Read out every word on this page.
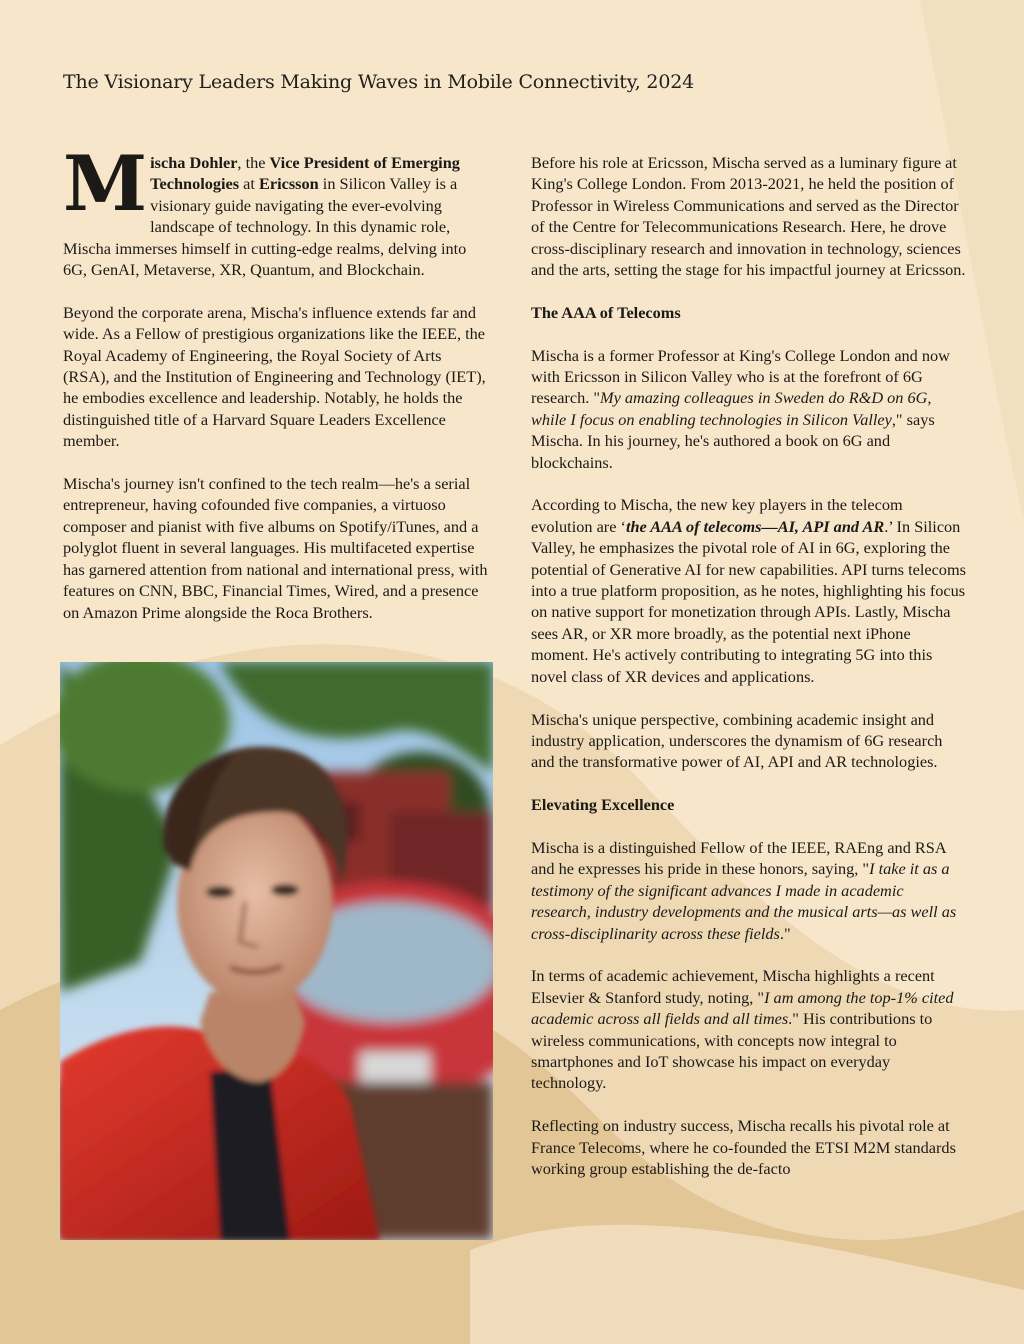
The Visionary Leaders Making Waves in Mobile Connectivity, 2024

Mischa Dohler, the Vice President of Emerging Technologies at Ericsson in Silicon Valley is a visionary guide navigating the ever-evolving landscape of technology. In this dynamic role, Mischa immerses himself in cutting-edge realms, delving into 6G, GenAI, Metaverse, XR, Quantum, and Blockchain.

Beyond the corporate arena, Mischa's influence extends far and wide. As a Fellow of prestigious organizations like the IEEE, the Royal Academy of Engineering, the Royal Society of Arts (RSA), and the Institution of Engineering and Technology (IET), he embodies excellence and leadership. Notably, he holds the distinguished title of a Harvard Square Leaders Excellence member.

Mischa's journey isn't confined to the tech realm—he's a serial entrepreneur, having cofounded five companies, a virtuoso composer and pianist with five albums on Spotify/iTunes, and a polyglot fluent in several languages. His multifaceted expertise has garnered attention from national and international press, with features on CNN, BBC, Financial Times, Wired, and a presence on Amazon Prime alongside the Roca Brothers.

Before his role at Ericsson, Mischa served as a luminary figure at King's College London. From 2013-2021, he held the position of Professor in Wireless Communications and served as the Director of the Centre for Telecommunications Research. Here, he drove cross-disciplinary research and innovation in technology, sciences and the arts, setting the stage for his impactful journey at Ericsson.

The AAA of Telecoms

Mischa is a former Professor at King's College London and now with Ericsson in Silicon Valley who is at the forefront of 6G research. "My amazing colleagues in Sweden do R&D on 6G, while I focus on enabling technologies in Silicon Valley," says Mischa. In his journey, he's authored a book on 6G and blockchains.

According to Mischa, the new key players in the telecom evolution are ‘the AAA of telecoms—AI, API and AR.’ In Silicon Valley, he emphasizes the pivotal role of AI in 6G, exploring the potential of Generative AI for new capabilities. API turns telecoms into a true platform proposition, as he notes, highlighting his focus on native support for monetization through APIs. Lastly, Mischa sees AR, or XR more broadly, as the potential next iPhone moment. He's actively contributing to integrating 5G into this novel class of XR devices and applications.

Mischa's unique perspective, combining academic insight and industry application, underscores the dynamism of 6G research and the transformative power of AI, API and AR technologies.

Elevating Excellence

Mischa is a distinguished Fellow of the IEEE, RAEng and RSA and he expresses his pride in these honors, saying, "I take it as a testimony of the significant advances I made in academic research, industry developments and the musical arts—as well as cross-disciplinarity across these fields."

In terms of academic achievement, Mischa highlights a recent Elsevier & Stanford study, noting, "I am among the top-1% cited academic across all fields and all times." His contributions to wireless communications, with concepts now integral to smartphones and IoT showcase his impact on everyday technology.

Reflecting on industry success, Mischa recalls his pivotal role at France Telecoms, where he co-founded the ETSI M2M standards working group establishing the de-facto
